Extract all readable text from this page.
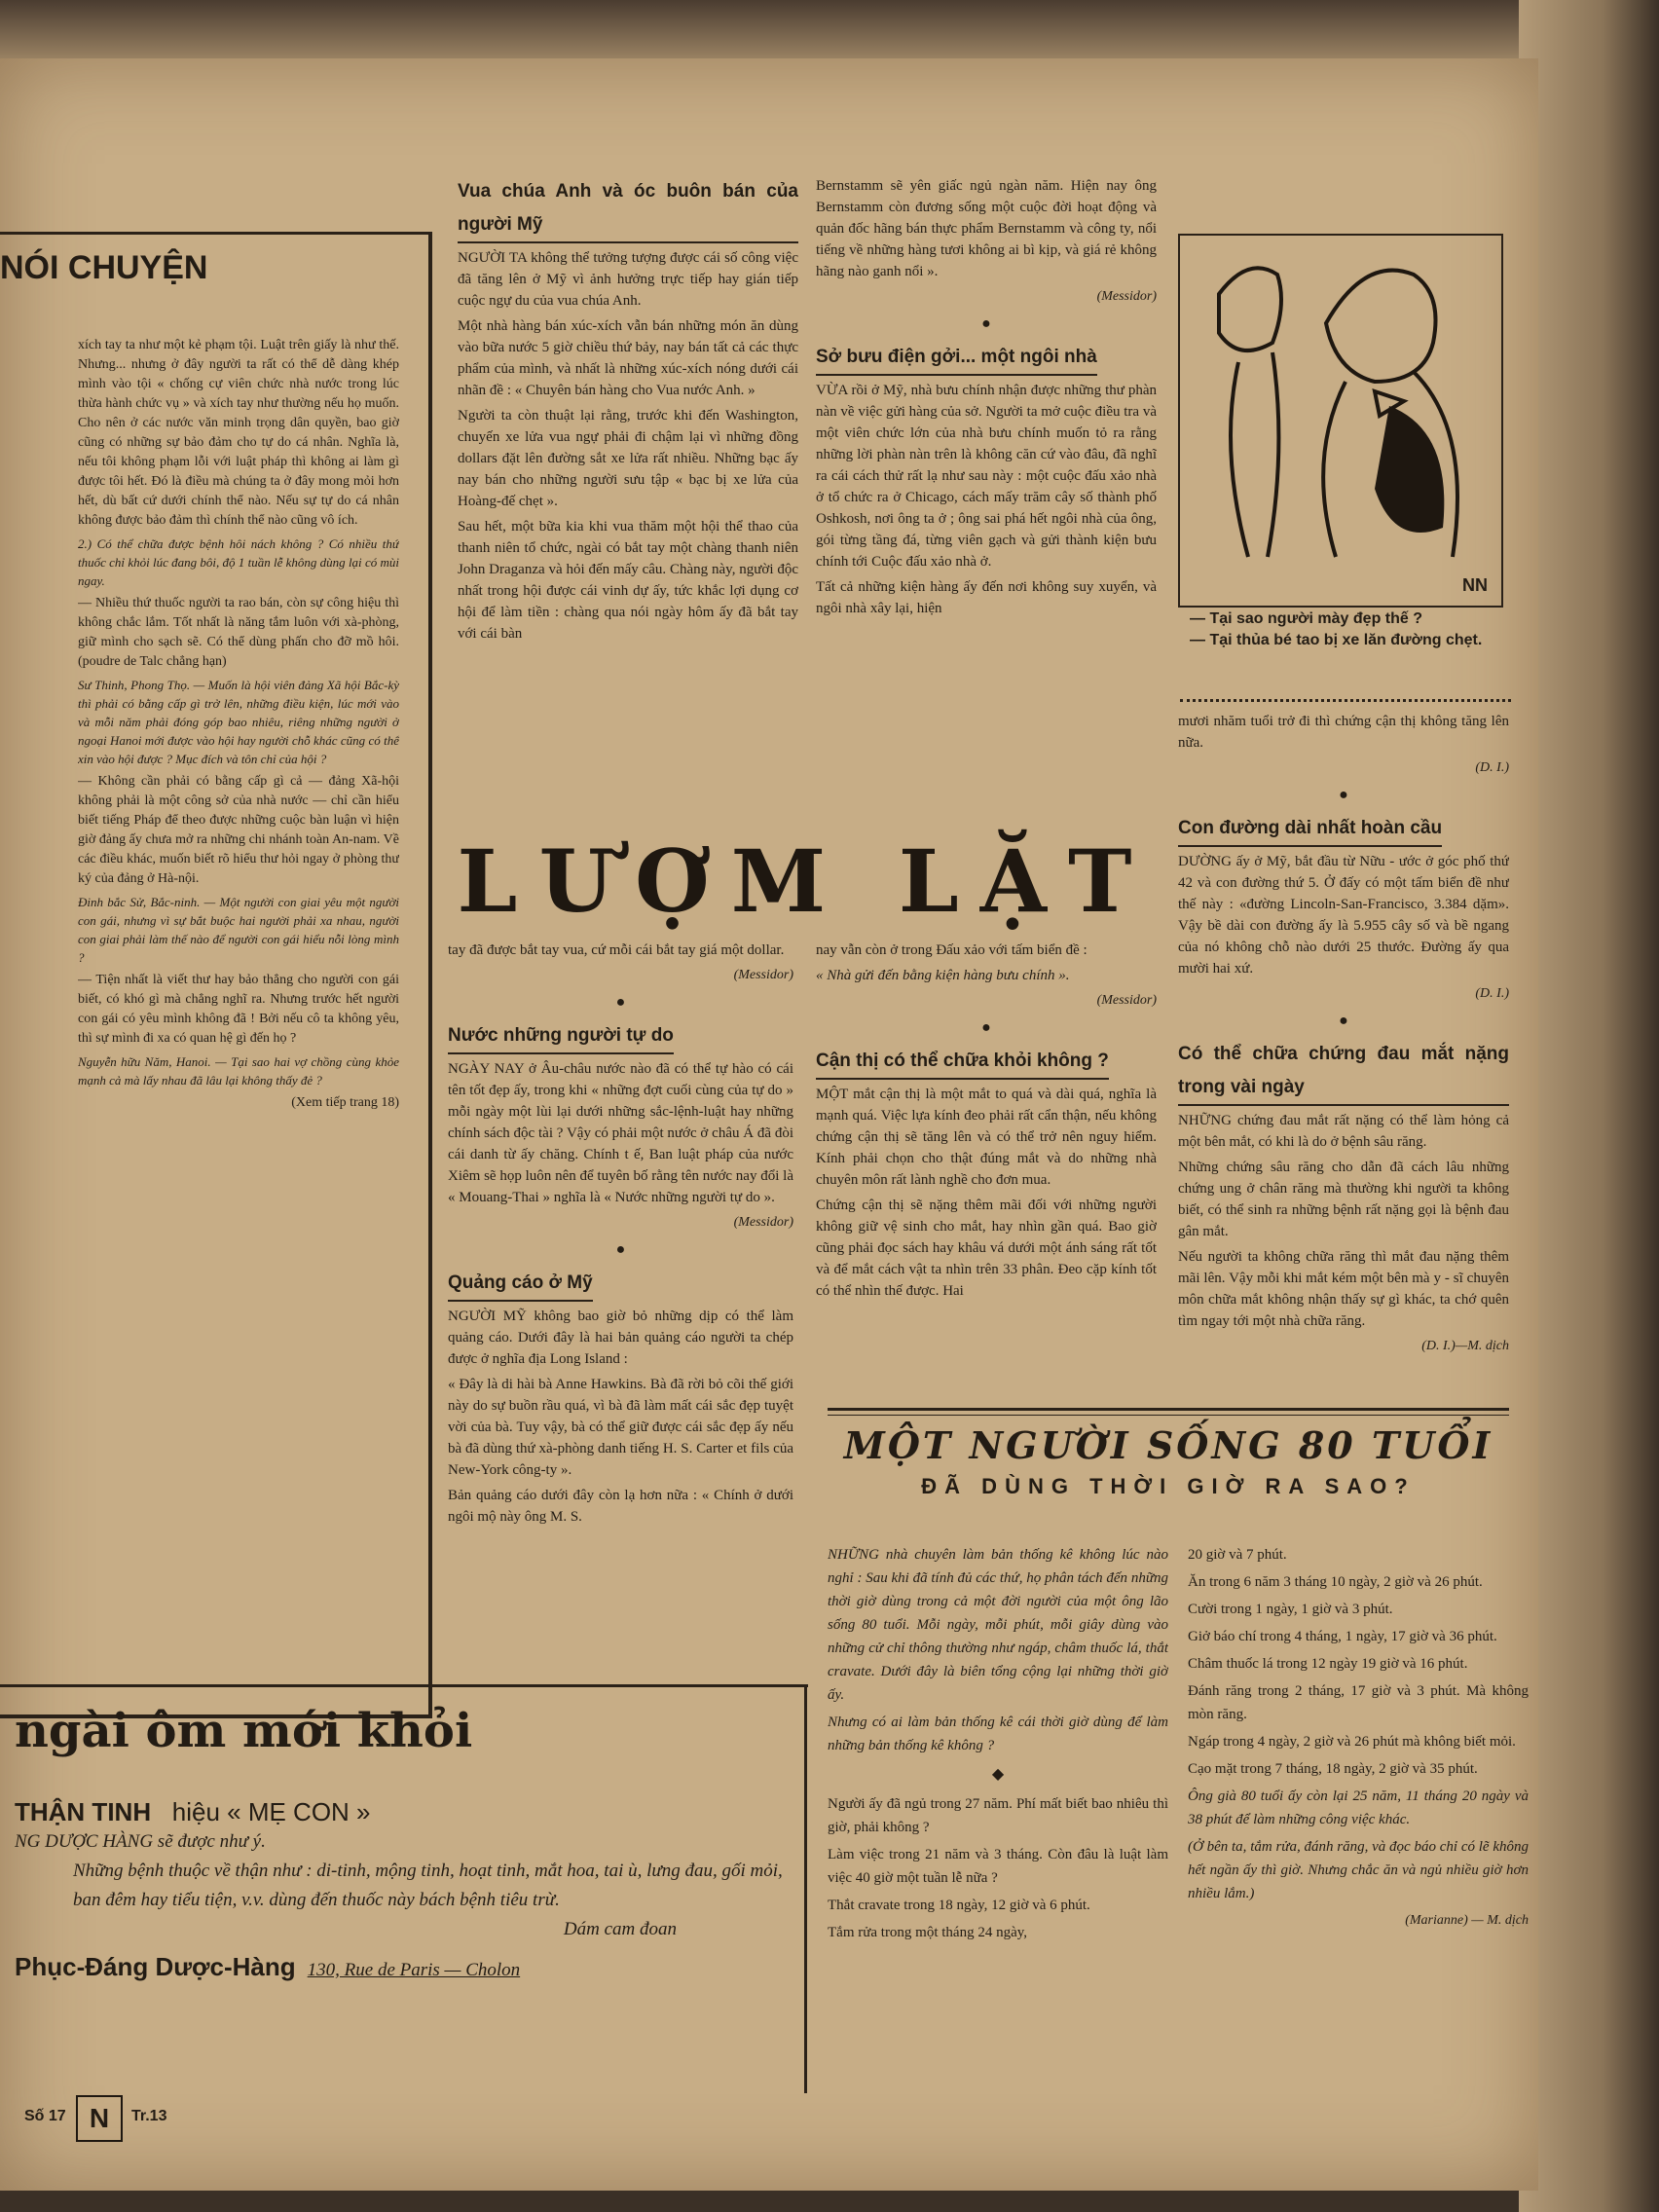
NÓI CHUYỆN

xích tay ta như một kẻ phạm tội. Luật trên giấy là như thế. Nhưng... nhưng ở đây người ta rất có thể dễ dàng khép mình vào tội « chống cự viên chức nhà nước trong lúc thừa hành chức vụ » và xích tay như thường nếu họ muốn. Cho nên ở các nước văn minh trọng dân quyền, bao giờ cũng có những sự bảo đảm cho tự do cá nhân. Nghĩa là, nếu tôi không phạm lỗi với luật pháp thì không ai làm gì được tôi hết. Đó là điều mà chúng ta ở đây mong mỏi hơn hết, dù bất cứ dưới chính thể nào. Nếu sự tự do cá nhân không được bảo đảm thì chính thể nào cũng vô ích.

2.) Có thể chữa được bệnh hôi nách không ? Có nhiều thứ thuốc chỉ khỏi lúc đang bôi, độ 1 tuần lễ không dùng lại có mùi ngay.

— Nhiều thứ thuốc người ta rao bán, còn sự công hiệu thì không chắc lắm. Tốt nhất là năng tắm luôn với xà-phòng, giữ mình cho sạch sẽ. Có thể dùng phấn cho đỡ mồ hôi. (poudre de Talc chẳng hạn)

Sư Thinh, Phong Thọ. — Muốn là hội viên đảng Xã hội Bắc-kỳ thì phải có bằng cấp gì trở lên, những điều kiện, lúc mới vào và mỗi năm phải đóng góp bao nhiêu, riêng những người ở ngoại Hanoi mới được vào hội hay người chỗ khác cũng có thể xin vào hội được ? Mục đích và tôn chỉ của hội ?

— Không cần phải có bằng cấp gì cả — đảng Xã-hội không phải là một công sở của nhà nước — chỉ cần hiểu biết tiếng Pháp để theo được những cuộc bàn luận vì hiện giờ đảng ấy chưa mở ra những chi nhánh toàn An-nam. Về các điều khác, muốn biết rõ hiểu thư hỏi ngay ở phòng thư ký của đảng ở Hà-nội.

Đinh bắc Sử, Bắc-ninh. — Một người con giai yêu một người con gái, nhưng vì sự bắt buộc hai người phải xa nhau, người con giai phải làm thế nào để người con gái hiểu nỗi lòng mình ?

— Tiện nhất là viết thư hay bảo thẳng cho người con gái biết, có khó gì mà chẳng nghĩ ra. Nhưng trước hết người con gái có yêu mình không đã ! Bởi nếu cô ta không yêu, thì sự mình đi xa có quan hệ gì đến họ ?

Nguyễn hữu Năm, Hanoi. — Tại sao hai vợ chồng cùng khỏe mạnh cả mà lấy nhau đã lâu lại không thấy đẻ ?

(Xem tiếp trang 18)

Vua chúa Anh và óc buôn bán của người Mỹ

NGƯỜI TA không thể tưởng tượng được cái số công việc đã tăng lên ở Mỹ vì ảnh hưởng trực tiếp hay gián tiếp cuộc ngự du của vua chúa Anh.

Một nhà hàng bán xúc-xích vẫn bán những món ăn dùng vào bữa nước 5 giờ chiều thứ bảy, nay bán tất cả các thực phẩm của mình, và nhất là những xúc-xích nóng dưới cái nhãn đề : « Chuyên bán hàng cho Vua nước Anh. »

Người ta còn thuật lại rằng, trước khi đến Washington, chuyến xe lửa vua ngự phải đi chậm lại vì những đồng dollars đặt lên đường sắt xe lửa rất nhiều. Những bạc ấy nay bán cho những người sưu tập « bạc bị xe lửa của Hoàng-đế chẹt ».

Sau hết, một bữa kia khi vua thăm một hội thể thao của thanh niên tổ chức, ngài có bắt tay một chàng thanh niên John Draganza và hỏi đến mấy câu. Chàng này, người độc nhất trong hội được cái vinh dự ấy, tức khắc lợi dụng cơ hội để làm tiền : chàng qua nói ngày hôm ấy đã bắt tay với cái bàn

Bernstamm sẽ yên giấc ngủ ngàn năm. Hiện nay ông Bernstamm còn đương sống một cuộc đời hoạt động và quản đốc hãng bán thực phẩm Bernstamm và công ty, nổi tiếng về những hàng tươi không ai bì kịp, và giá rẻ không hãng nào ganh nổi ».

(Messidor)

●

Sở bưu điện gởi... một ngôi nhà

VỪA rồi ở Mỹ, nhà bưu chính nhận được những thư phàn nàn về việc gửi hàng của sở. Người ta mở cuộc điều tra và một viên chức lớn của nhà bưu chính muốn tỏ ra rằng những lời phàn nàn trên là không căn cứ vào đâu, đã nghĩ ra cái cách thử rất lạ như sau này : một cuộc đấu xảo nhà ở tổ chức ra ở Chicago, cách mấy trăm cây số thành phố Oshkosh, nơi ông ta ở ; ông sai phá hết ngôi nhà của ông, gói từng tầng đá, từng viên gạch và gửi thành kiện bưu chính tới Cuộc đấu xảo nhà ở.

Tất cả những kiện hàng ấy đến nơi không suy xuyển, và ngôi nhà xây lại, hiện

NN
— Tại sao người mày đẹp thế ?
— Tại thủa bé tao bị xe lăn đường chẹt.

mươi nhăm tuổi trở đi thì chứng cận thị không tăng lên nữa.

(D. I.)

●

Con đường dài nhất hoàn cầu

DƯỜNG ấy ở Mỹ, bắt đầu từ Nữu - ước ở góc phố thứ 42 và con đường thứ 5. Ở đấy có một tấm biển đề như thế này : «đường Lincoln-San-Francisco, 3.384 dặm». Vậy bề dài con đường ấy là 5.955 cây số và bề ngang của nó không chỗ nào dưới 25 thước. Đường ấy qua mười hai xứ.

(D. I.)

●

Có thể chữa chứng đau mắt nặng trong vài ngày

NHỮNG chứng đau mắt rất nặng có thể làm hỏng cả một bên mắt, có khi là do ở bệnh sâu răng.

Những chứng sâu răng cho dẫn đã cách lâu những chứng ung ở chân răng mà thường khi người ta không biết, có thể sinh ra những bệnh rất nặng gọi là bệnh đau gân mắt.

Nếu người ta không chữa răng thì mắt đau nặng thêm mãi lên. Vậy mỗi khi mắt kém một bên mà y - sĩ chuyên môn chữa mắt không nhận thấy sự gì khác, ta chớ quên tìm ngay tới một nhà chữa răng.

(D. I.)—M. dịch

LƯỢM LẶT

tay đã được bắt tay vua, cứ mỗi cái bắt tay giá một dollar.

(Messidor)

●

Nước những người tự do

NGÀY NAY ở Âu-châu nước nào đã có thể tự hào có cái tên tốt đẹp ấy, trong khi « những đợt cuối cùng của tự do » mỗi ngày một lùi lại dưới những sắc-lệnh-luật hay những chính sách độc tài ? Vậy có phải một nước ở châu Á đã đòi cái danh từ ấy chăng. Chính t ế, Ban luật pháp của nước Xiêm sẽ họp luôn nên để tuyên bố rằng tên nước nay đổi là « Mouang-Thai » nghĩa là « Nước những người tự do ».

(Messidor)

●

Quảng cáo ở Mỹ

NGƯỜI MỸ không bao giờ bỏ những dịp có thể làm quảng cáo. Dưới đây là hai bản quảng cáo người ta chép được ở nghĩa địa Long Island :

« Đây là di hài bà Anne Hawkins. Bà đã rời bỏ cõi thế giới này do sự buồn rầu quá, vì bà đã làm mất cái sắc đẹp tuyệt vời của bà. Tuy vậy, bà có thể giữ được cái sắc đẹp ấy nếu bà đã dùng thứ xà-phòng danh tiếng H. S. Carter et fils của New-York công-ty ».

Bản quảng cáo dưới đây còn lạ hơn nữa : « Chính ở dưới ngôi mộ này ông M. S.

nay vẫn còn ở trong Đấu xảo với tấm biển đề :

« Nhà gửi đến bằng kiện hàng bưu chính ».

(Messidor)

●

Cận thị có thể chữa khỏi không ?

MỘT mắt cận thị là một mắt to quá và dài quá, nghĩa là mạnh quá. Việc lựa kính đeo phải rất cẩn thận, nếu không chứng cận thị sẽ tăng lên và có thể trở nên nguy hiểm. Kính phải chọn cho thật đúng mắt và do những nhà chuyên môn rất lành nghề cho đơn mua.

Chứng cận thị sẽ nặng thêm mãi đối với những người không giữ vệ sinh cho mắt, hay nhìn gần quá. Bao giờ cũng phải đọc sách hay khâu vá dưới một ánh sáng rất tốt và để mắt cách vật ta nhìn trên 33 phân. Đeo cặp kính tốt có thể nhìn thế được. Hai

MỘT NGƯỜI SỐNG 80 TUỔI
ĐÃ DÙNG THỜI GIỜ RA SAO?

NHỮNG nhà chuyên làm bản thống kê không lúc nào nghỉ : Sau khi đã tính đủ các thứ, họ phân tách đến những thời giờ dùng trong cả một đời người của một ông lão sống 80 tuổi. Mỗi ngày, mỗi phút, mỗi giây dùng vào những cử chỉ thông thường như ngáp, châm thuốc lá, thắt cravate. Dưới đây là biên tổng cộng lại những thời giờ ấy.

Nhưng có ai làm bản thống kê cái thời giờ dùng để làm những bản thống kê không ?

◆

Người ấy đã ngủ trong 27 năm. Phí mất biết bao nhiêu thì giờ, phải không ?

Làm việc trong 21 năm và 3 tháng. Còn đâu là luật làm việc 40 giờ một tuần lễ nữa ?

Thắt cravate trong 18 ngày, 12 giờ và 6 phút.

Tắm rửa trong một tháng 24 ngày,

20 giờ và 7 phút.

Ăn trong 6 năm 3 tháng 10 ngày, 2 giờ và 26 phút.

Cười trong 1 ngày, 1 giờ và 3 phút.

Giở báo chí trong 4 tháng, 1 ngày, 17 giờ và 36 phút.

Châm thuốc lá trong 12 ngày 19 giờ và 16 phút.

Đánh răng trong 2 tháng, 17 giờ và 3 phút. Mà không mòn răng.

Ngáp trong 4 ngày, 2 giờ và 26 phút mà không biết mỏi.

Cạo mặt trong 7 tháng, 18 ngày, 2 giờ và 35 phút.

Ông già 80 tuổi ấy còn lại 25 năm, 11 tháng 20 ngày và 38 phút để làm những công việc khác.

(Ở bên ta, tắm rửa, đánh răng, và đọc báo chỉ có lẽ không hết ngần ấy thì giờ. Nhưng chắc ăn và ngủ nhiều giờ hơn nhiều lắm.)

(Marianne) — M. dịch

ngài ôm mới khỏi
THẬN TINH hiệu « MẸ CON »
NG DƯỢC HÀNG sẽ được như ý.
Những bệnh thuộc về thận như : di-tinh, mộng tinh, hoạt tinh, mắt hoa, tai ù, lưng đau, gối mỏi, ban đêm hay tiểu tiện, v.v. dùng đến thuốc này bách bệnh tiêu trừ.
Dám cam đoan
Phục-Đáng Dược-Hàng 130, Rue de Paris — Cholon
Số 17 N	Tr.13
